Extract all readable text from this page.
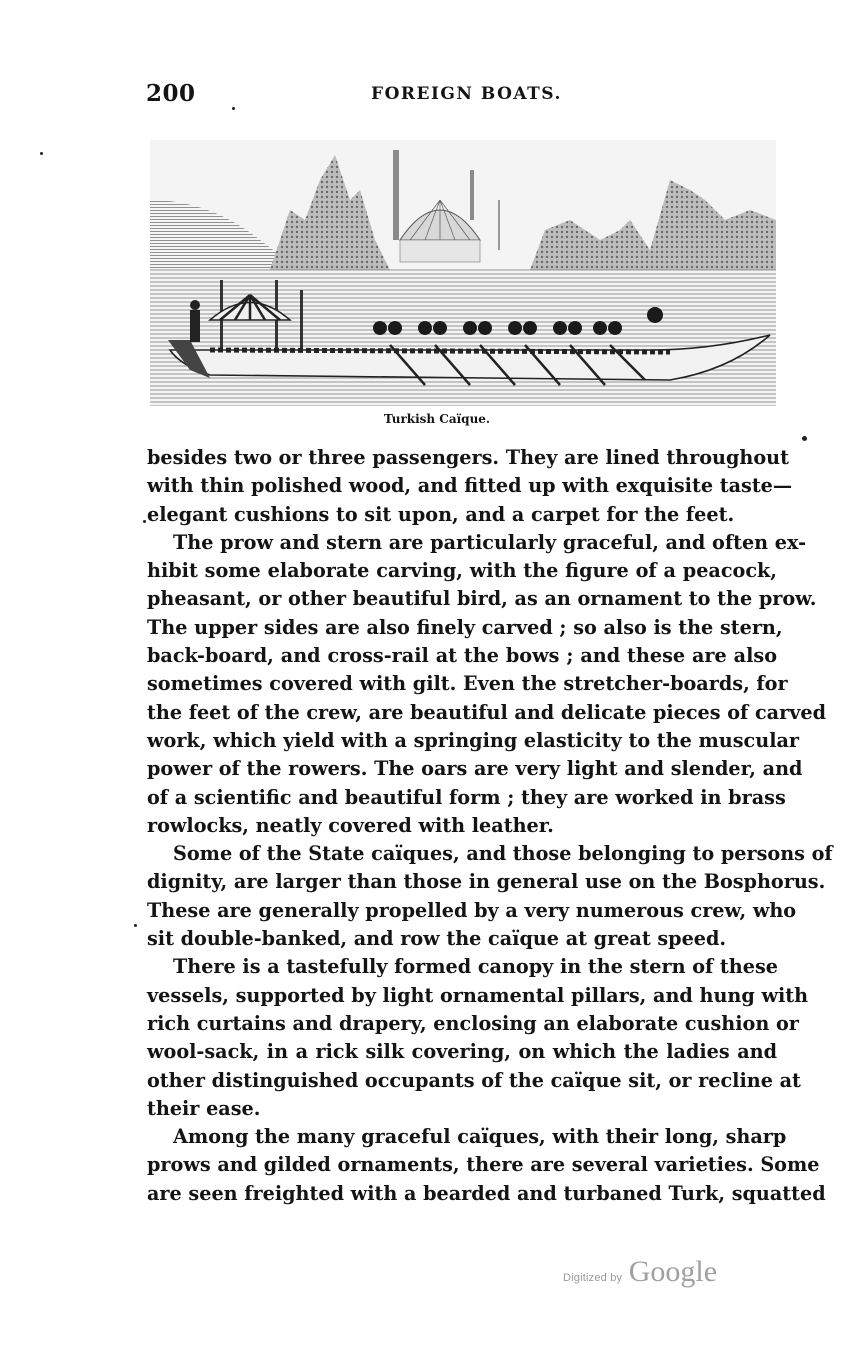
200	FOREIGN BOATS.
Turkish Caïque.
besides two or three passengers. They are lined throughout
with thin polished wood, and fitted up with exquisite taste—
elegant cushions to sit upon, and a carpet for the feet.
The prow and stern are particularly graceful, and often ex-
hibit some elaborate carving, with the figure of a peacock,
pheasant, or other beautiful bird, as an ornament to the prow.
The upper sides are also finely carved ; so also is the stern,
back-board, and cross-rail at the bows ; and these are also
sometimes covered with gilt. Even the stretcher-boards, for
the feet of the crew, are beautiful and delicate pieces of carved
work, which yield with a springing elasticity to the muscular
power of the rowers. The oars are very light and slender, and
of a scientific and beautiful form ; they are worked in brass
rowlocks, neatly covered with leather.
Some of the State caïques, and those belonging to persons of
dignity, are larger than those in general use on the Bosphorus.
These are generally propelled by a very numerous crew, who
sit double-banked, and row the caïque at great speed.
There is a tastefully formed canopy in the stern of these
vessels, supported by light ornamental pillars, and hung with
rich curtains and drapery, enclosing an elaborate cushion or
wool-sack, in a rick silk covering, on which the ladies and
other distinguished occupants of the caïque sit, or recline at
their ease.
Among the many graceful caïques, with their long, sharp
prows and gilded ornaments, there are several varieties. Some
are seen freighted with a bearded and turbaned Turk, squatted
Digitized by Google
